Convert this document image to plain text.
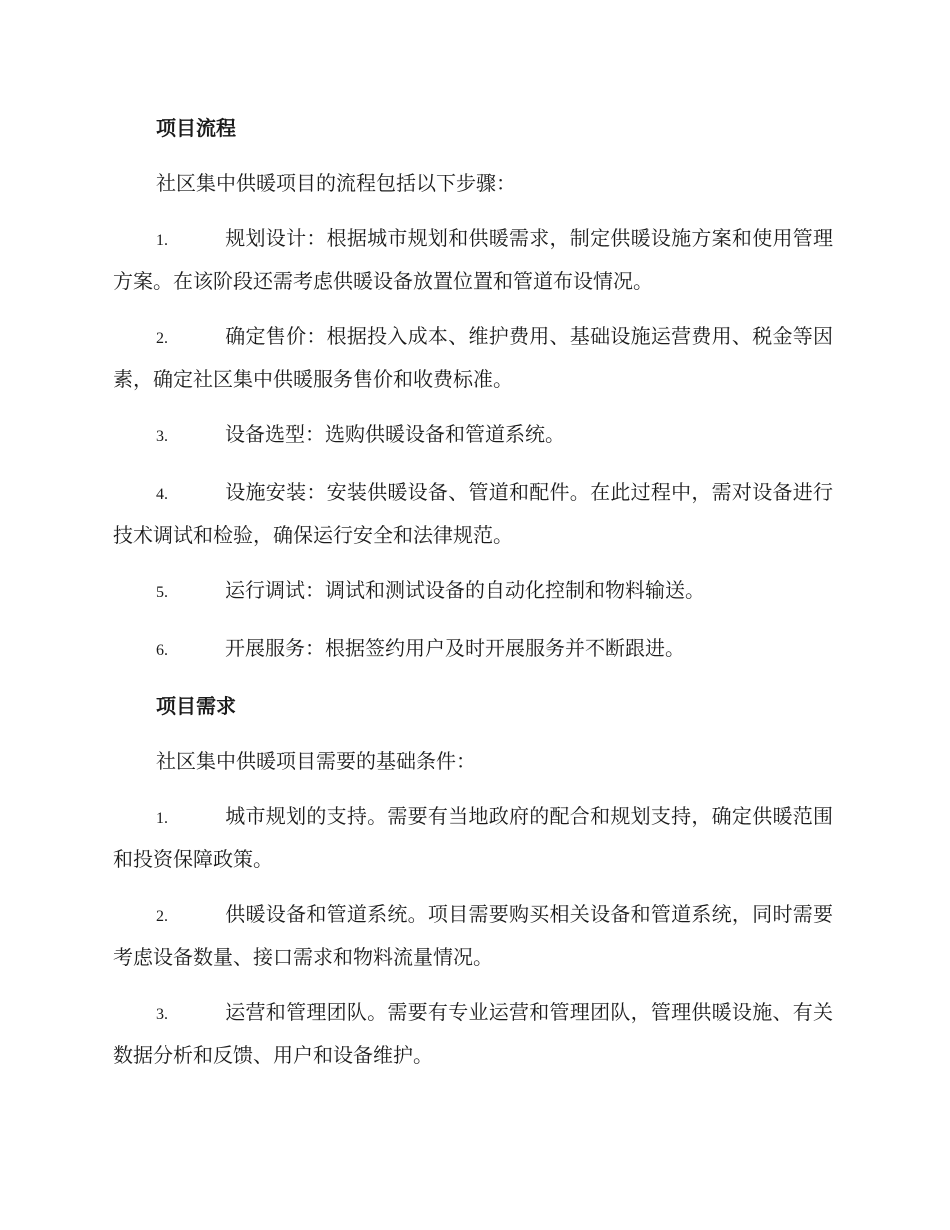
项目流程

社区集中供暖项目的流程包括以下步骤：

1.	规划设计：根据城市规划和供暖需求，制定供暖设施方案和使用管理方案。在该阶段还需考虑供暖设备放置位置和管道布设情况。

2.	确定售价：根据投入成本、维护费用、基础设施运营费用、税金等因素，确定社区集中供暖服务售价和收费标准。

3.	设备选型：选购供暖设备和管道系统。

4.	设施安装：安装供暖设备、管道和配件。在此过程中，需对设备进行技术调试和检验，确保运行安全和法律规范。

5.	运行调试：调试和测试设备的自动化控制和物料输送。

6.	开展服务：根据签约用户及时开展服务并不断跟进。

项目需求

社区集中供暖项目需要的基础条件：

1.	城市规划的支持。需要有当地政府的配合和规划支持，确定供暖范围和投资保障政策。

2.	供暖设备和管道系统。项目需要购买相关设备和管道系统，同时需要考虑设备数量、接口需求和物料流量情况。

3.	运营和管理团队。需要有专业运营和管理团队，管理供暖设施、有关数据分析和反馈、用户和设备维护。
